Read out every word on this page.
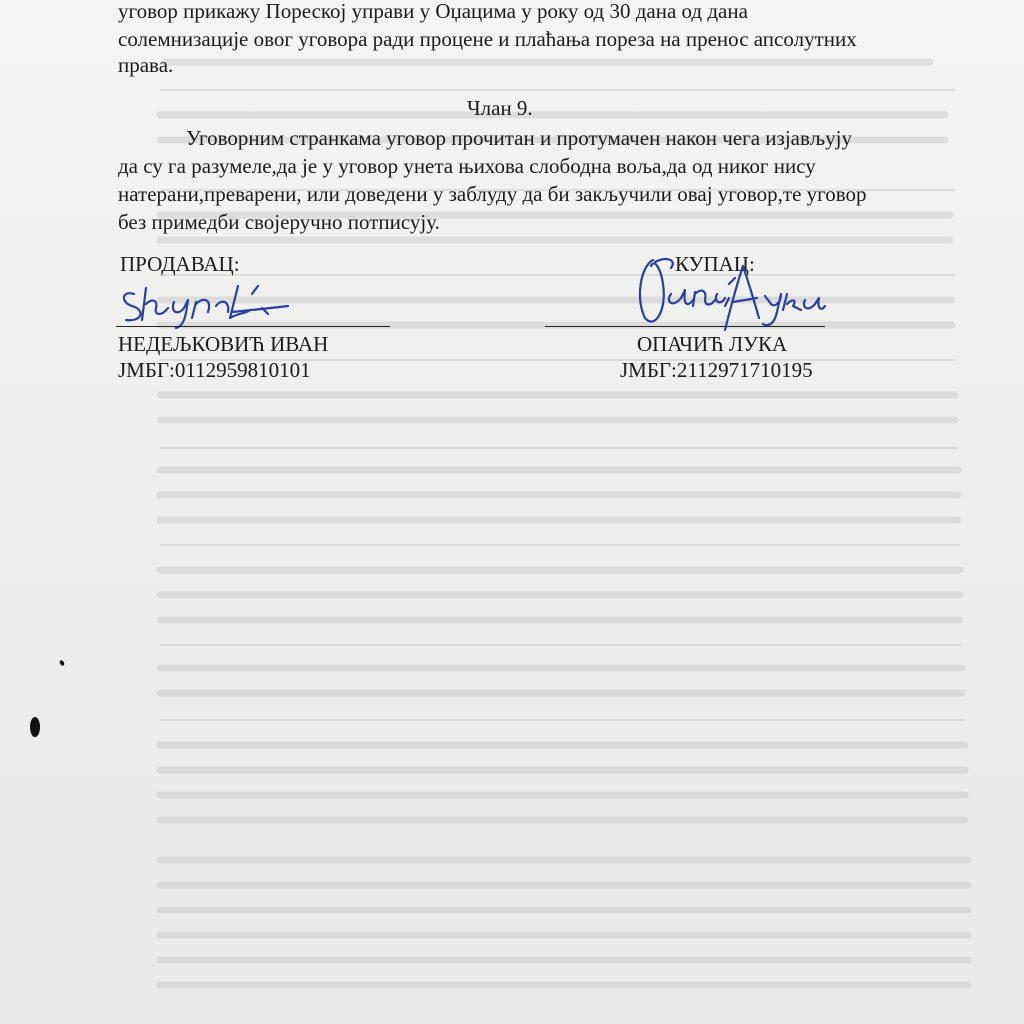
уговор прикажу Пореској управи у Оџацима у року од 30 дана од дана
солемнизације овог уговора ради процене и плаћања пореза на пренос апсолутних
права.
Члан 9.
Уговорним странкама уговор прочитан и протумачен након чега изјављују
да су га разумеле,да је у уговор унета њихова слободна воља,да од никог нису
натерани,преварени, или доведени у заблуду да би закључили овај уговор,те уговор
без примедби својеручно потписују.
ПРОДАВАЦ:
НЕДЕЉКОВИЋ ИВАН
ЈМБГ:0112959810101
КУПАЦ:
ОПАЧИЋ ЛУКА
ЈМБГ:2112971710195
